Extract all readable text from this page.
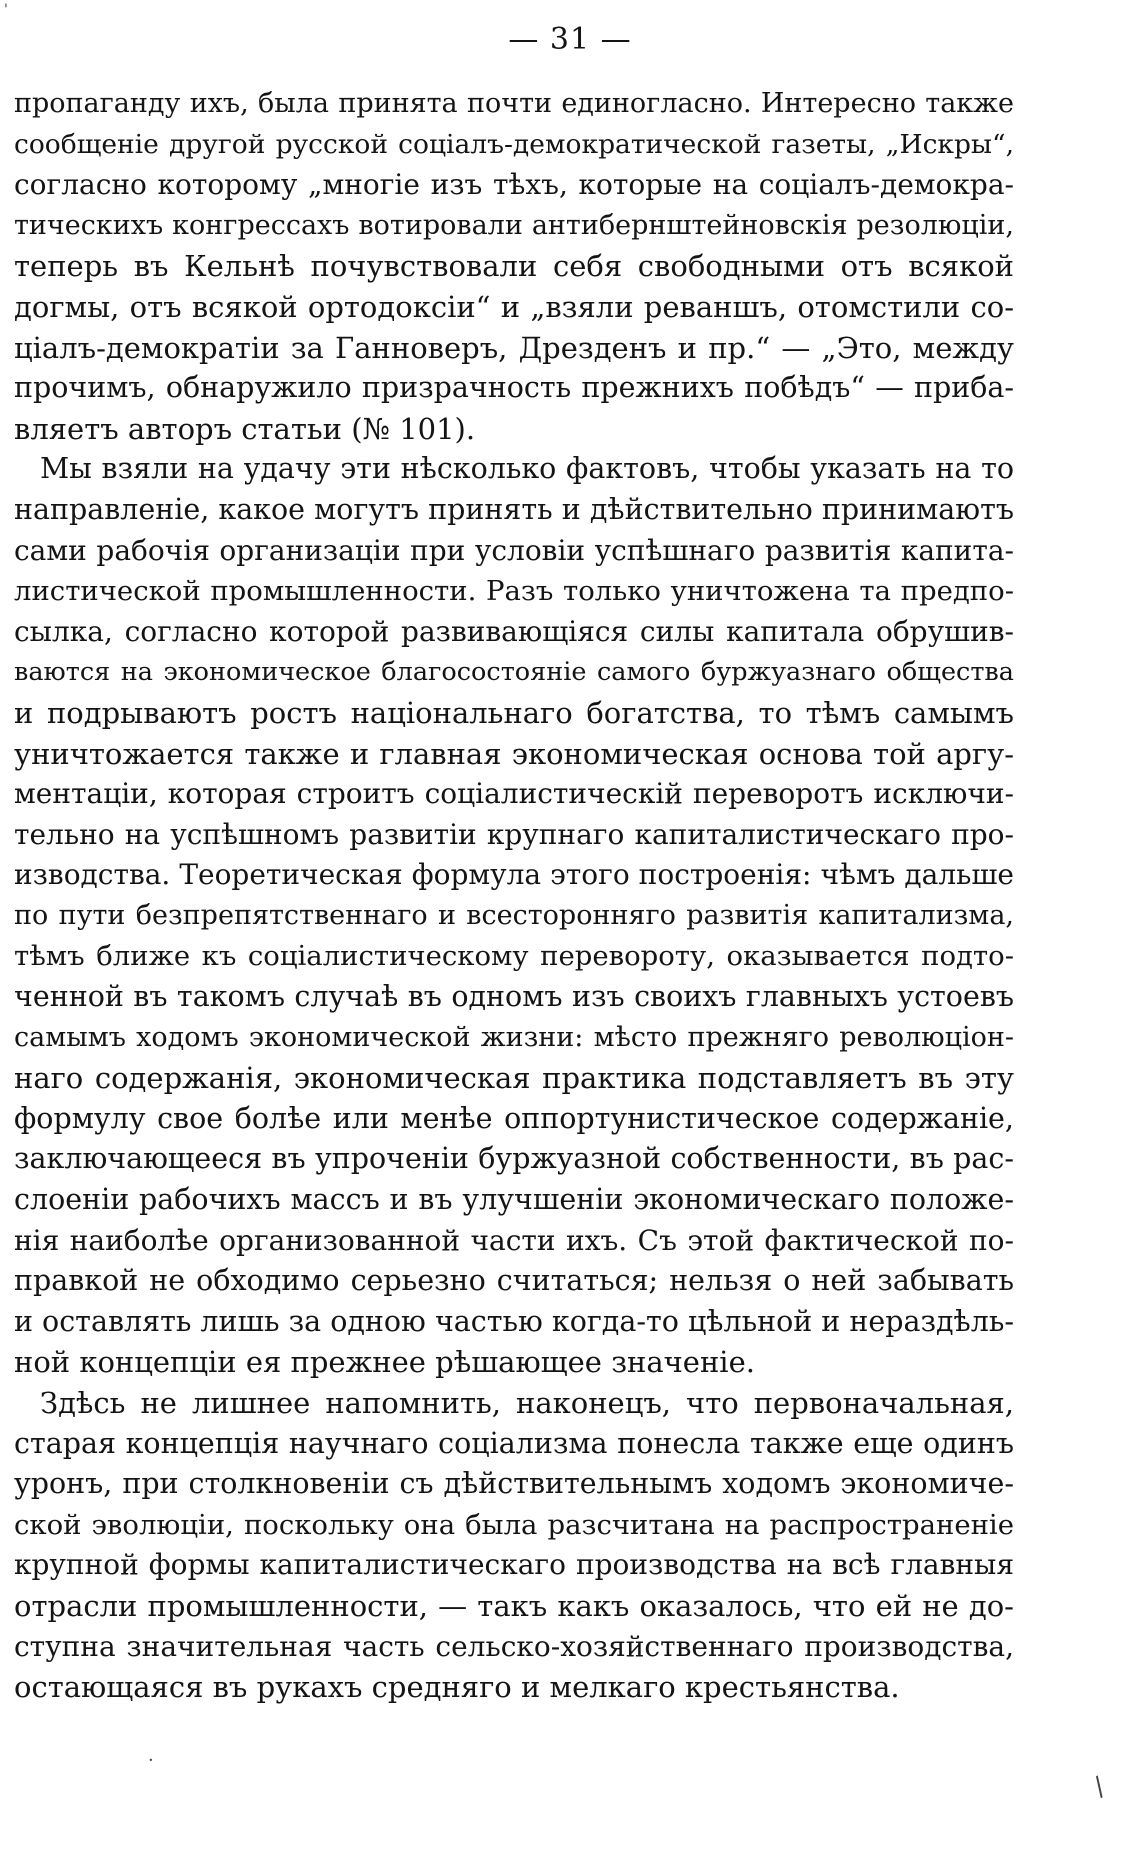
'
— 31 —
пропаганду ихъ, была принята почти единогласно. Интересно также
сообщеніе другой русской соціалъ-демократической газеты, „Искры“,
согласно которому „многіе изъ тѣхъ, которые на соціалъ-демокра-
тическихъ конгрессахъ вотировали антибернштейновскія резолюціи,
теперь въ Кельнѣ почувствовали себя свободными отъ всякой
догмы, отъ всякой ортодоксіи“ и „взяли реваншъ, отомстили со-
ціалъ-демократіи за Ганноверъ, Дрезденъ и пр.“ — „Это, между
прочимъ, обнаружило призрачность прежнихъ побѣдъ“ — приба-
вляетъ авторъ статьи (№ 101).
Мы взяли на удачу эти нѣсколько фактовъ, чтобы указать на то
направленіе, какое могутъ принять и дѣйствительно принимаютъ
сами рабочія организаціи при условіи успѣшнаго развитія капита-
листической промышленности. Разъ только уничтожена та предпо-
сылка, согласно которой развивающіяся силы капитала обрушив-
ваются на экономическое благосостояніе самого буржуазнаго общества
и подрываютъ ростъ національнаго богатства, то тѣмъ самымъ
уничтожается также и главная экономическая основа той аргу-
ментаціи, которая строитъ соціалистическій переворотъ исключи-
тельно на успѣшномъ развитіи крупнаго капиталистическаго про-
изводства. Теоретическая формула этого построенія: чѣмъ дальше
по пути безпрепятственнаго и всесторонняго развитія капитализма,
тѣмъ ближе къ соціалистическому перевороту, оказывается подто-
ченной въ такомъ случаѣ въ одномъ изъ своихъ главныхъ устоевъ
самымъ ходомъ экономической жизни: мѣсто прежняго революціон-
наго содержанія, экономическая практика подставляетъ въ эту
формулу свое болѣе или менѣе оппортунистическое содержаніе,
заключающееся въ упроченіи буржуазной собственности, въ рас-
слоеніи рабочихъ массъ и въ улучшеніи экономическаго положе-
нія наиболѣе организованной части ихъ. Съ этой фактической по-
правкой не обходимо серьезно считаться; нельзя о ней забывать
и оставлять лишь за одною частью когда-то цѣльной и нераздѣль-
ной концепціи ея прежнее рѣшающее значеніе.
Здѣсь не лишнее напомнить, наконецъ, что первоначальная,
старая концепція научнаго соціализма понесла также еще одинъ
уронъ, при столкновеніи съ дѣйствительнымъ ходомъ экономиче-
ской эволюціи, поскольку она была разсчитана на распространеніе
крупной формы капиталистическаго производства на всѣ главныя
отрасли промышленности, — такъ какъ оказалось, что ей не до-
ступна значительная часть сельско-хозяйственнаго производства,
остающаяся въ рукахъ средняго и мелкаго крестьянства.
·
/
